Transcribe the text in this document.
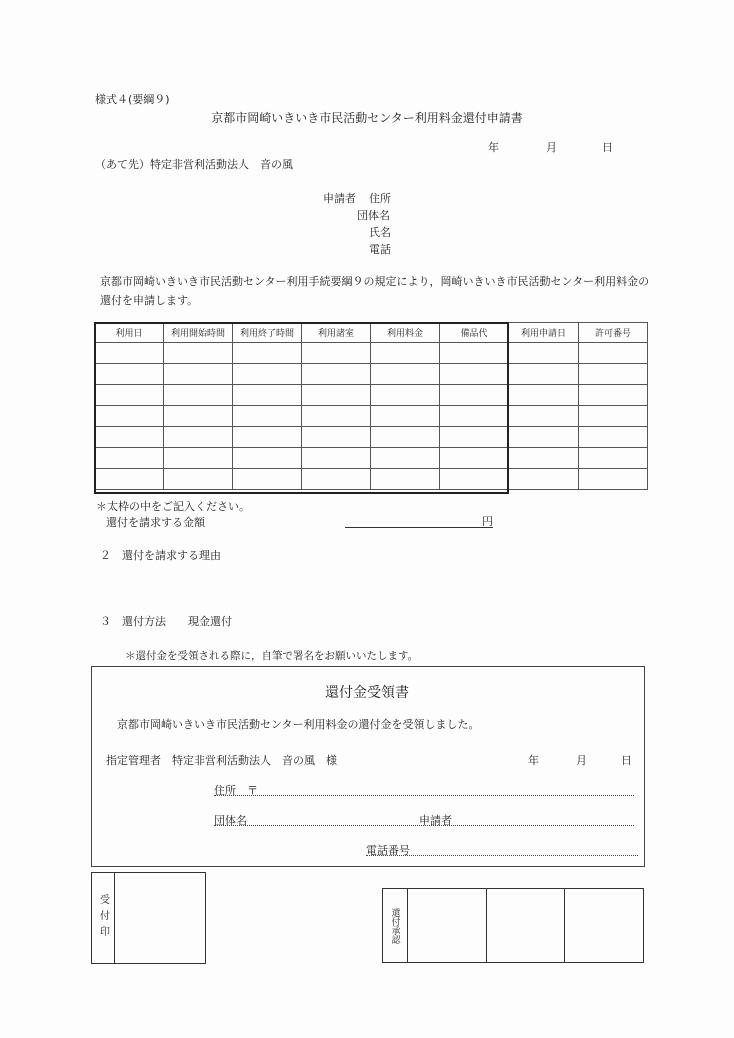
様式４(要綱９)
京都市岡崎いきいき市民活動センター利用料金還付申請書
年	月	日
（あて先）特定非営利活動法人　音の風
申請者 住所
団体名
氏名
電話
京都市岡崎いきいき市民活動センター利用手続要綱９の規定により，岡崎いきいき市民活動センター利用料金の還付を申請します。
利用日	利用開始時間	利用終了時間	利用諸室	利用料金	備品代	利用申請日	許可番号

＊太枠の中をご記入ください。
還付を請求する金額	円
２　還付を請求する理由
３　還付方法　　現金還付
＊還付金を受領される際に，自筆で署名をお願いいたします。
還付金受領書
京都市岡崎いきいき市民活動センター利用料金の還付金を受領しました。
指定管理者　特定非営利活動法人　音の風　様	年	月	日
住所　〒
団体名	申請者
電話番号
受付印	還付承認
